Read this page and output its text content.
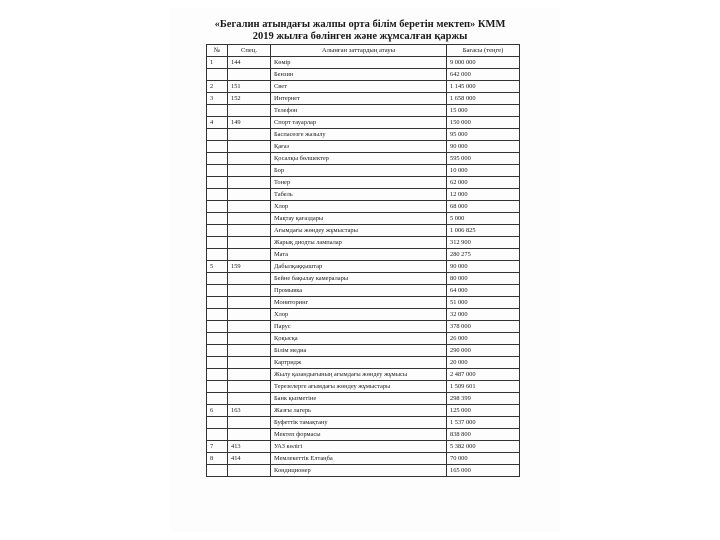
«Бегалин атындағы жалпы орта білім беретін мектеп» КММ
2019 жылға бөлінген және жұмсалған қаржы
№	Спец.	Алынған заттардың атауы	Бағасы (теңге)
1	144	Көмір	9 000 000
		Бензин	642 000
2	151	Свет	1 145 000
3	152	Интернет	1 658 000
		Телефон	15 000
4	149	Спорт тауарлар	150 000
		Баспасөзге жазылу	95 000
		Қағаз	90 000
		Қосалқы бөлшектер	595 000
		Бор	10 000
		Тонер	62 000
		Табель	12 000
		Хлор	68 000
		Мақтау қағаздары	5 000
		Ағымдағы жөндеу жұмыстары	1 006 825
		Жарық диодты лампалар	312 900
		Мата	280 275
5	159	Дабылқаққыштар	90 000
		Бейне бақылау камералары	80 000
		Промывка	64 000
		Мониторинг	51 000
		Хлор	32 000
		Парус	378 000
		Қоқысқа	26 000
		Білім медиа	290 000
		Картридж	20 000
		Жылу қазандығының ағымдағы жөндеу жұмысы	2 487 000
		Терезелерге ағымдағы жөндеу жұмыстары	1 509 601
		Банк қызметіне	298 399
6	163	Жазғы лагерь	125 000
		Буфеттік тамақтану	1 537 000
		Мектеп формасы	838 800
7	413	УАЗ көлігі	5 382 000
8	414	Мемлекеттік Елтаңба	70 000
		Кондиционер	165 000
